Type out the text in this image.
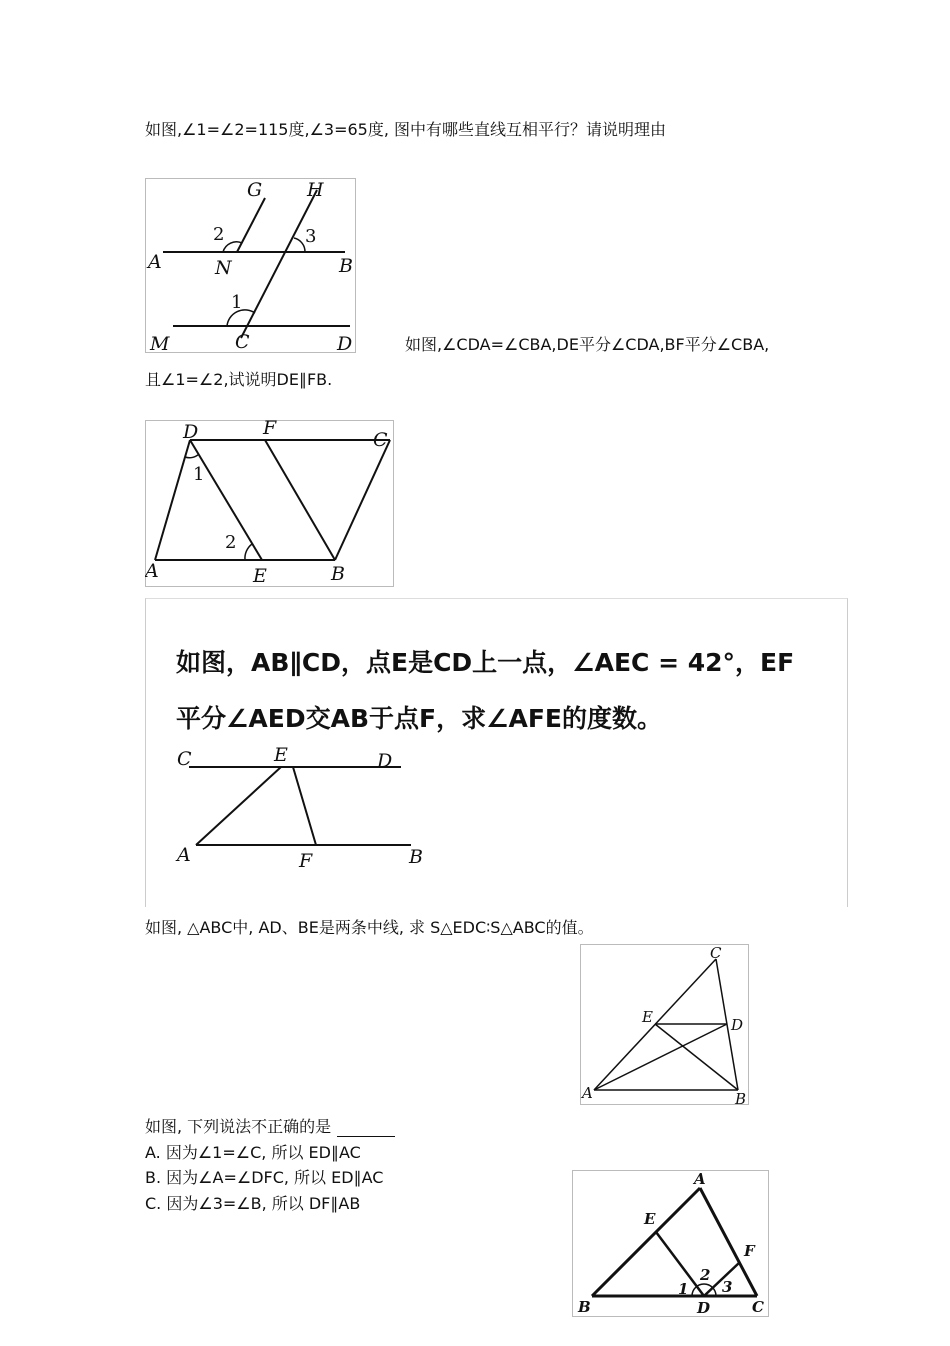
如图,∠1=∠2=115度,∠3=65度, 图中有哪些直线互相平行？请说明理由
G H
2	3
A	N	B
1
M	C	D	如图,∠CDA=∠CBA,DE平分∠CDA,BF平分∠CBA,
且∠1=∠2,试说明DE∥FB.
D	F
C
1
2
A	E	B
如图，AB∥CD，点E是CD上一点，∠AEC = 42°，EF
平分∠AED交AB于点F，求∠AFE的度数。
C	E	D
A	F	B
如图, △ABC中, AD、BE是两条中线, 求 S△EDC∶S△ABC的值。
C
E	D
A	B
如图, 下列说法不正确的是
A. 因为∠1=∠C, 所以 ED∥AC
B. 因为∠A=∠DFC, 所以 ED∥AC
C. 因为∠3=∠B, 所以 DF∥AB
A
E
F
1
2
3
B	D	C
